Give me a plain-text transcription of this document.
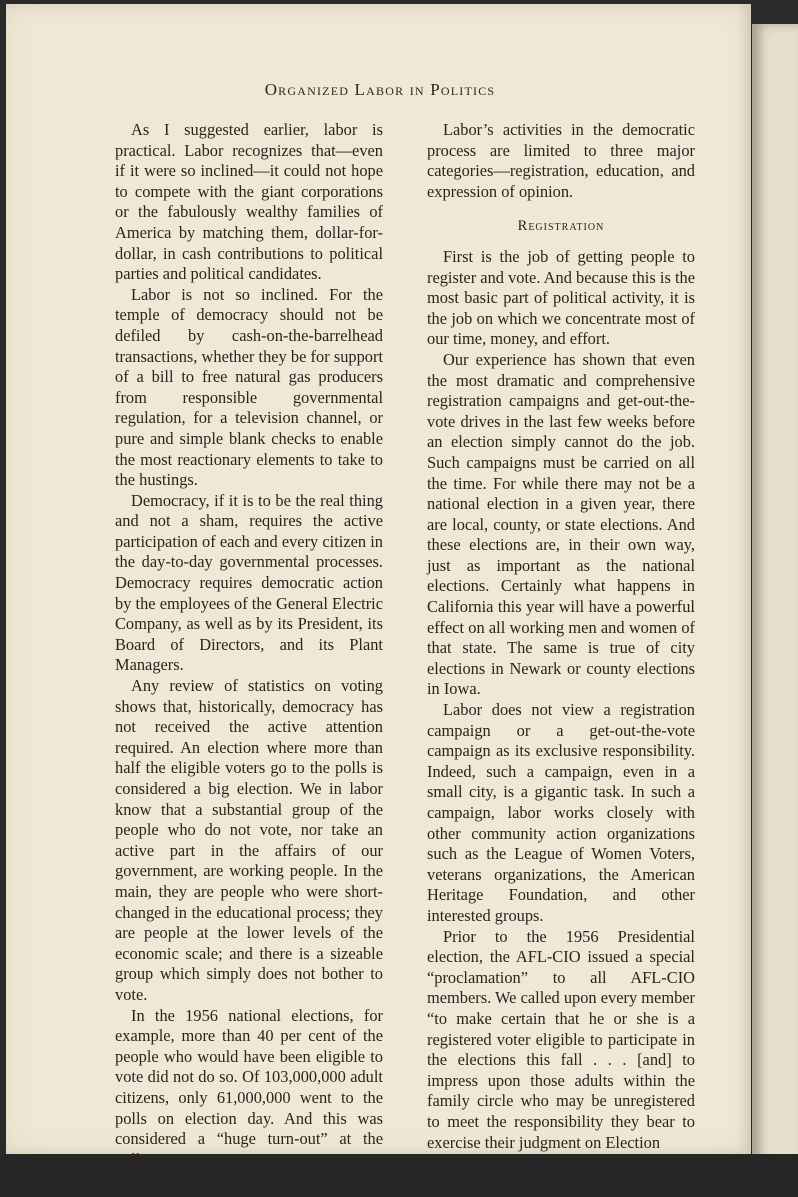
Organized Labor in Politics

As I suggested earlier, labor is practical. Labor recognizes that—even if it were so inclined—it could not hope to compete with the giant corporations or the fabulously wealthy families of America by matching them, dollar-for-dollar, in cash contributions to political parties and political candidates.

Labor is not so inclined. For the temple of democracy should not be defiled by cash-on-the-barrelhead transactions, whether they be for support of a bill to free natural gas producers from responsible governmental regulation, for a television channel, or pure and simple blank checks to enable the most reactionary elements to take to the hustings.

Democracy, if it is to be the real thing and not a sham, requires the active participation of each and every citizen in the day-to-day governmental processes. Democracy requires democratic action by the employees of the General Electric Company, as well as by its President, its Board of Directors, and its Plant Managers.

Any review of statistics on voting shows that, historically, democracy has not received the active attention required. An election where more than half the eligible voters go to the polls is considered a big election. We in labor know that a substantial group of the people who do not vote, nor take an active part in the affairs of our government, are working people. In the main, they are people who were short-changed in the educational process; they are people at the lower levels of the economic scale; and there is a sizeable group which simply does not bother to vote.

In the 1956 national elections, for example, more than 40 per cent of the people who would have been eligible to vote did not do so. Of 103,000,000 adult citizens, only 61,000,000 went to the polls on election day. And this was considered a “huge turn-out” at the polls.

Labor’s activities in the democratic process are limited to three major categories—registration, education, and expression of opinion.

Registration

First is the job of getting people to register and vote. And because this is the most basic part of political activity, it is the job on which we concentrate most of our time, money, and effort.

Our experience has shown that even the most dramatic and comprehensive registration campaigns and get-out-the-vote drives in the last few weeks before an election simply cannot do the job. Such campaigns must be carried on all the time. For while there may not be a national election in a given year, there are local, county, or state elections. And these elections are, in their own way, just as important as the national elections. Certainly what happens in California this year will have a powerful effect on all working men and women of that state. The same is true of city elections in Newark or county elections in Iowa.

Labor does not view a registration campaign or a get-out-the-vote campaign as its exclusive responsibility. Indeed, such a campaign, even in a small city, is a gigantic task. In such a campaign, labor works closely with other community action organizations such as the League of Women Voters, veterans organizations, the American Heritage Foundation, and other interested groups.

Prior to the 1956 Presidential election, the AFL-CIO issued a special “proclamation” to all AFL-CIO members. We called upon every member “to make certain that he or she is a registered voter eligible to participate in the elections this fall . . . [and] to impress upon those adults within the family circle who may be unregistered to meet the responsibility they bear to exercise their judgment on Election
